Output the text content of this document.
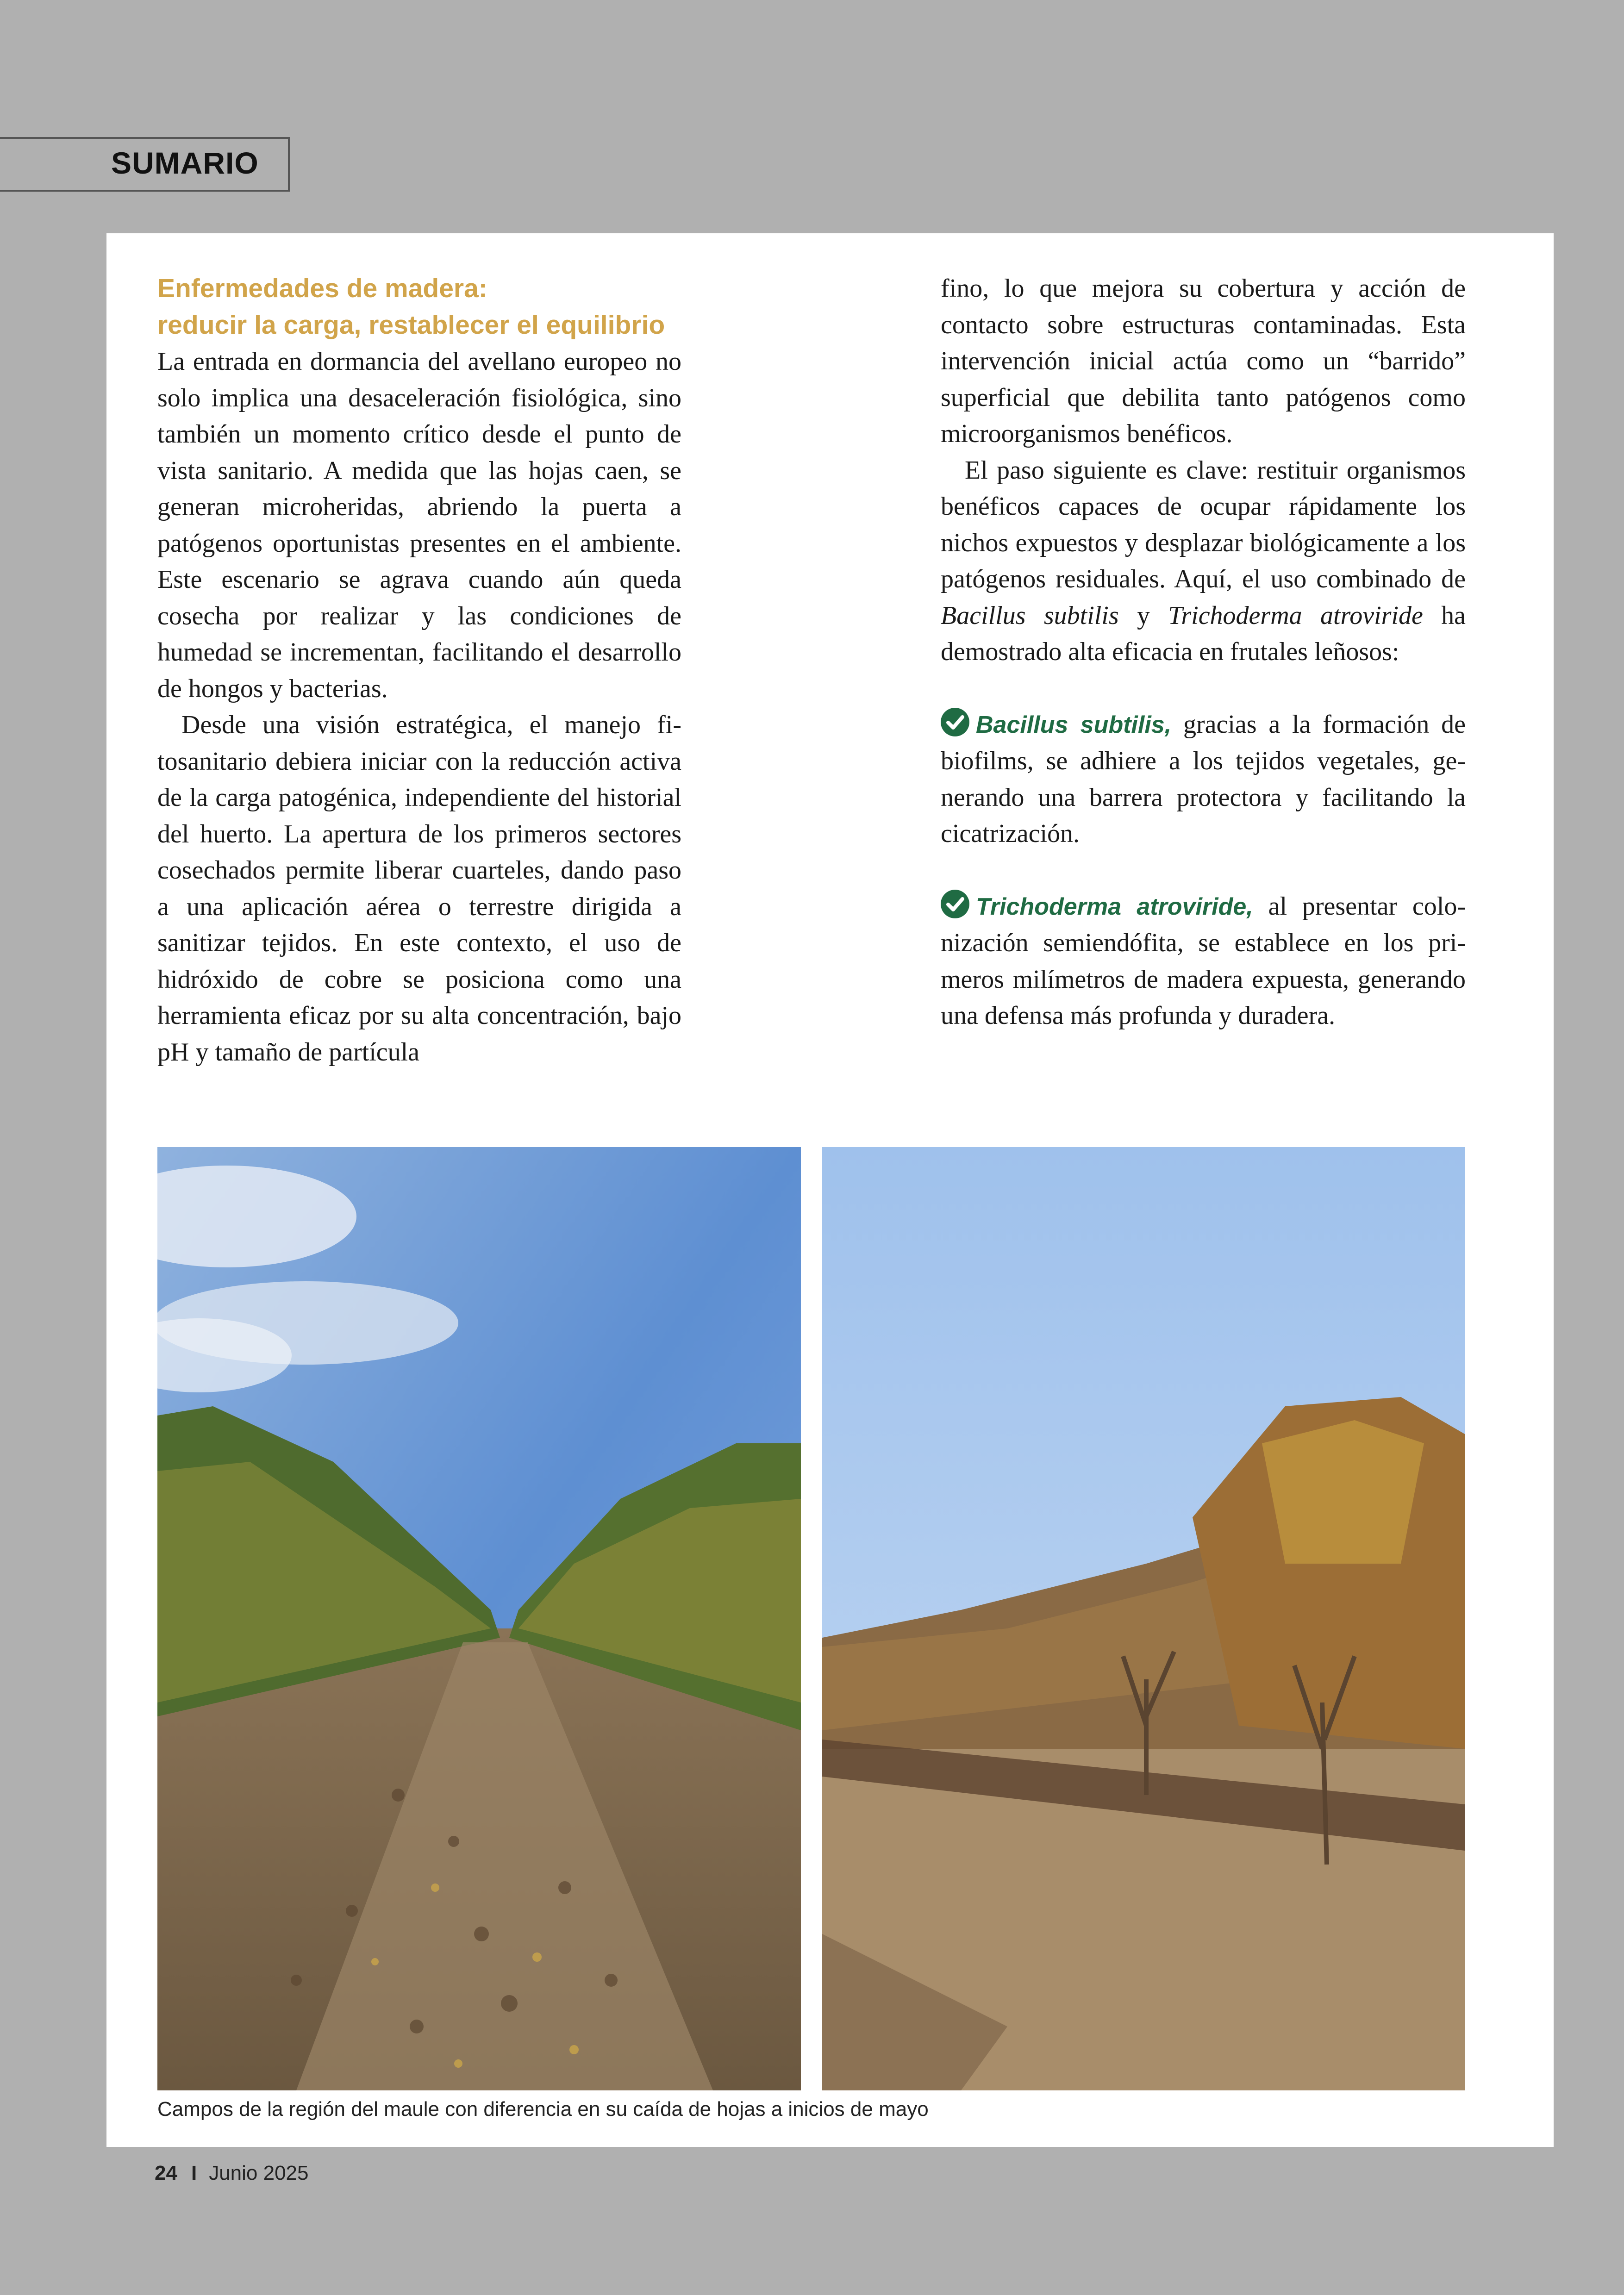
SUMARIO
Enfermedades de madera:
reducir la carga, restablecer el equilibrio

La entrada en dormancia del avellano europeo no solo implica una desaceleración fisiológica, sino también un momento crítico desde el punto de vista sanitario. A medida que las hojas caen, se generan microheridas, abriendo la puerta a patógenos oportunistas presentes en el ambiente. Este escenario se agrava cuando aún queda cosecha por realizar y las condiciones de humedad se incrementan, facilitando el desarrollo de hongos y bacterias.

Desde una visión estratégica, el manejo fitosanitario debiera iniciar con la reducción activa de la carga patogénica, independiente del historial del huerto. La apertura de los primeros sectores cosechados permite liberar cuarteles, dando paso a una aplicación aérea o terrestre dirigida a sanitizar tejidos. En este contexto, el uso de hidróxido de cobre se posiciona como una herramienta eficaz por su alta concentración, bajo pH y tamaño de partícula

fino, lo que mejora su cobertura y acción de contacto sobre estructuras contaminadas. Esta intervención inicial actúa como un “barrido” superficial que debilita tanto patógenos como microorganismos benéficos.

El paso siguiente es clave: restituir organismos benéficos capaces de ocupar rápidamente los nichos expuestos y desplazar biológicamente a los patógenos residuales. Aquí, el uso combinado de Bacillus subtilis y Trichoderma atroviride ha demostrado alta eficacia en frutales leñosos:

Bacillus subtilis, gracias a la formación de biofilms, se adhiere a los tejidos vegetales, generando una barrera protectora y facilitando la cicatrización.

Trichoderma atroviride, al presentar colonización semiendófita, se establece en los primeros milímetros de madera expuesta, generando una defensa más profunda y duradera.

Campos de la región del maule con diferencia en su caída de hojas a inicios de mayo
24 I Junio 2025
